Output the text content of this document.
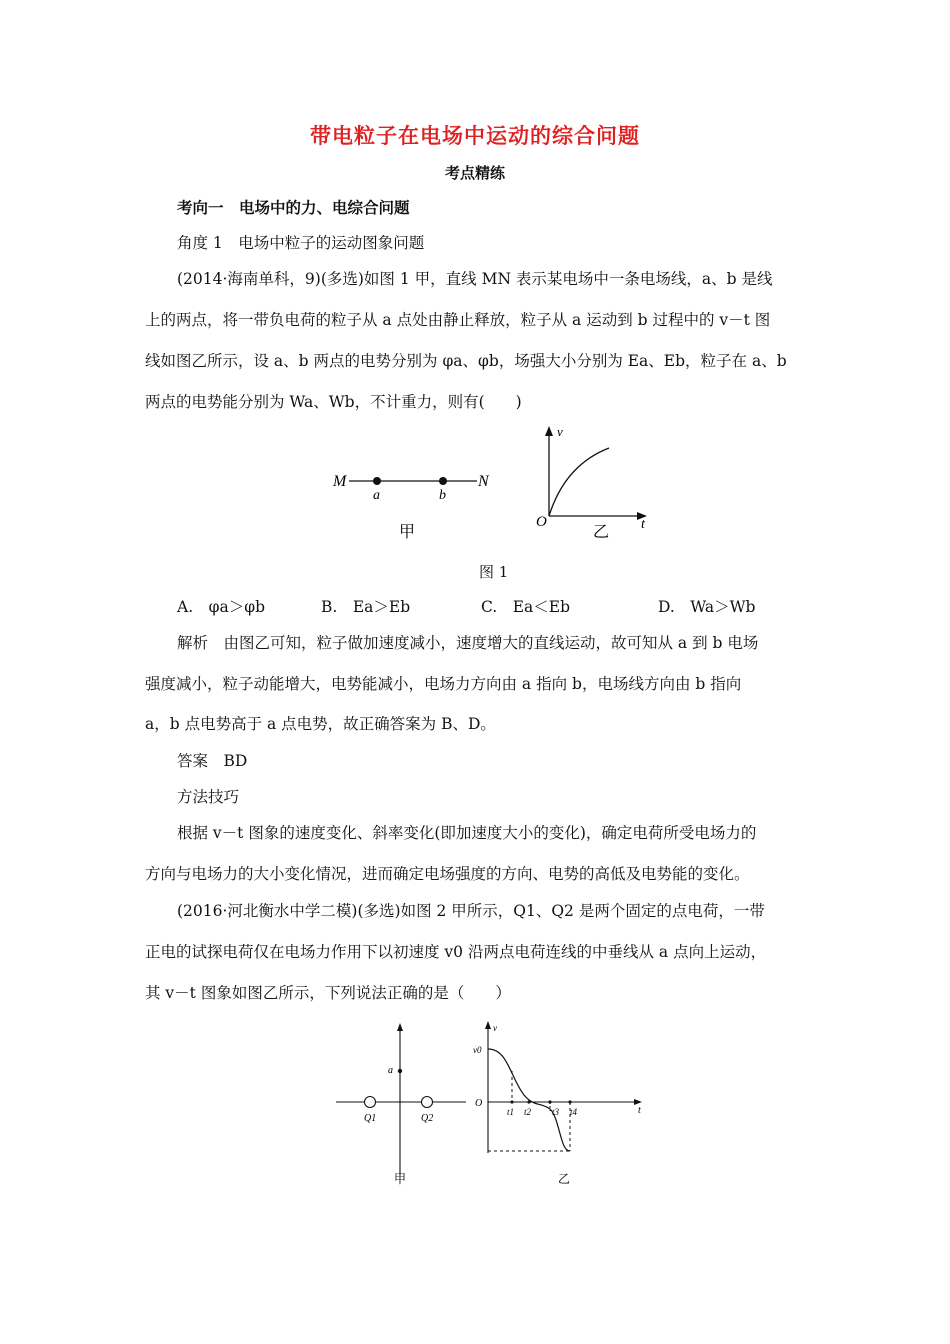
带电粒子在电场中运动的综合问题
考点精练
考向一　电场中的力、电综合问题
角度 1　电场中粒子的运动图象问题
(2014·海南单科，9)(多选)如图 1 甲，直线 MN 表示某电场中一条电场线，a、b 是线
上的两点，将一带负电荷的粒子从 a 点处由静止释放，粒子从 a 运动到 b 过程中的 v－t 图
线如图乙所示，设 a、b 两点的电势分别为 φa、φb，场强大小分别为 Ea、Eb，粒子在 a、b
两点的电势能分别为 Wa、Wb，不计重力，则有(　　)
M	N
a	b
甲
v
t
O
乙
图 1
A.　φa＞φb	B.　Ea＞Eb	C.　Ea＜Eb	D.　Wa＞Wb
解析　由图乙可知，粒子做加速度减小，速度增大的直线运动，故可知从 a 到 b 电场
强度减小，粒子动能增大，电势能减小，电场力方向由 a 指向 b，电场线方向由 b 指向
a，b 点电势高于 a 点电势，故正确答案为 B、D。
答案　BD
方法技巧
根据 v－t 图象的速度变化、斜率变化(即加速度大小的变化)，确定电荷所受电场力的
方向与电场力的大小变化情况，进而确定电场强度的方向、电势的高低及电势能的变化。
(2016·河北衡水中学二模)(多选)如图 2 甲所示，Q1、Q2 是两个固定的点电荷，一带
正电的试探电荷仅在电场力作用下以初速度 v0 沿两点电荷连线的中垂线从 a 点向上运动，
其 v－t 图象如图乙所示，下列说法正确的是（　　）
a
Q1	Q2
甲
v
v0
O
t1 t2 t3 t4	t
乙
